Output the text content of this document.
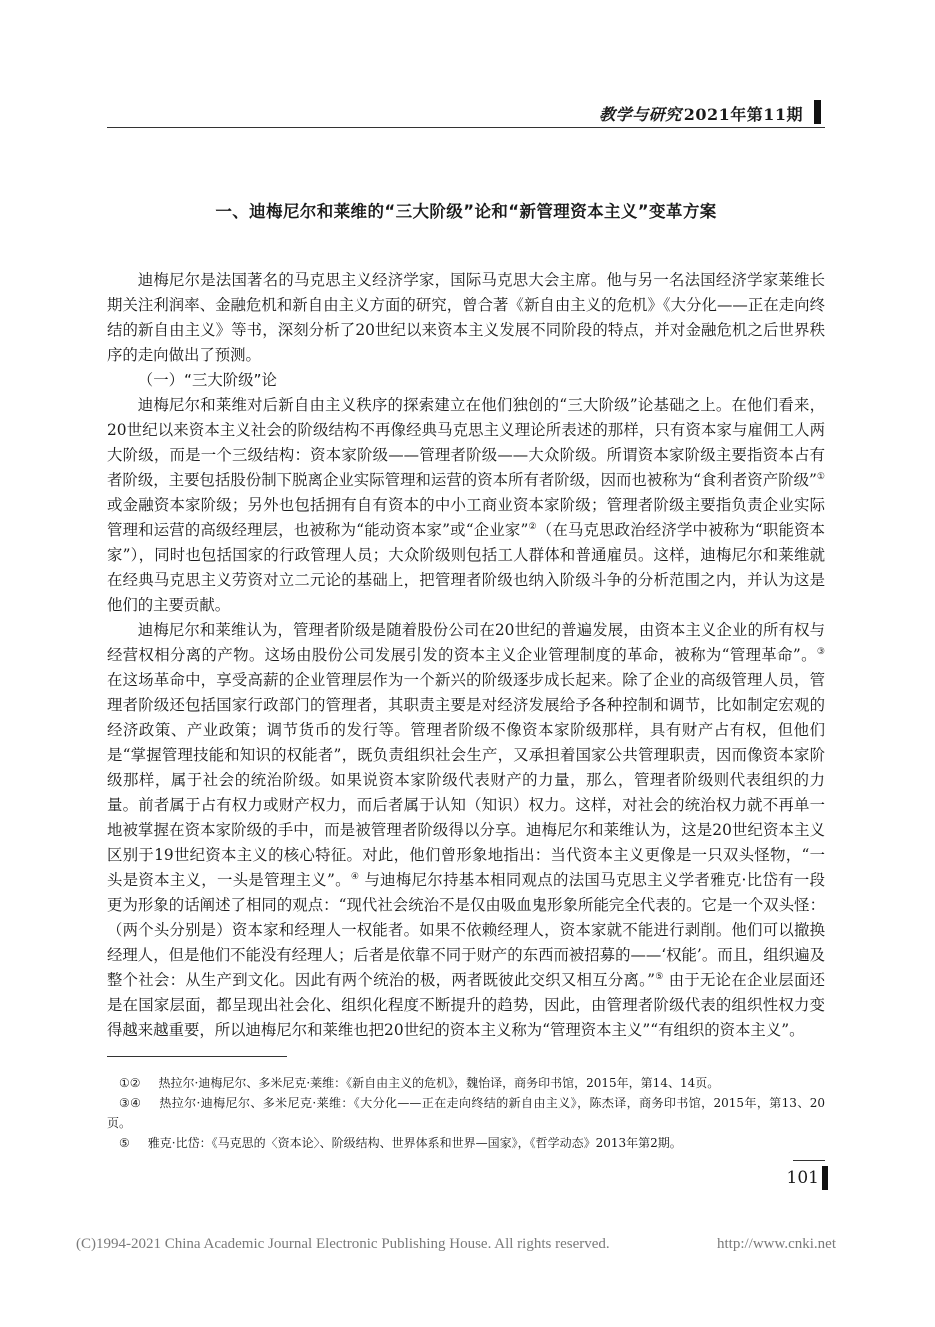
教学与研究 2021年第11期
一、迪梅尼尔和莱维的“三大阶级”论和“新管理资本主义”变革方案

迪梅尼尔是法国著名的马克思主义经济学家，国际马克思大会主席。他与另一名法国经济学家莱维长期关注利润率、金融危机和新自由主义方面的研究，曾合著《新自由主义的危机》《大分化——正在走向终结的新自由主义》等书，深刻分析了20世纪以来资本主义发展不同阶段的特点，并对金融危机之后世界秩序的走向做出了预测。

（一）“三大阶级”论

迪梅尼尔和莱维对后新自由主义秩序的探索建立在他们独创的“三大阶级”论基础之上。在他们看来，20世纪以来资本主义社会的阶级结构不再像经典马克思主义理论所表述的那样，只有资本家与雇佣工人两大阶级，而是一个三级结构：资本家阶级——管理者阶级——大众阶级。所谓资本家阶级主要指资本占有者阶级，主要包括股份制下脱离企业实际管理和运营的资本所有者阶级，因而也被称为“食利者资产阶级”① 或金融资本家阶级；另外也包括拥有自有资本的中小工商业资本家阶级；管理者阶级主要指负责企业实际管理和运营的高级经理层，也被称为“能动资本家”或“企业家”②（在马克思政治经济学中被称为“职能资本家”），同时也包括国家的行政管理人员；大众阶级则包括工人群体和普通雇员。这样，迪梅尼尔和莱维就在经典马克思主义劳资对立二元论的基础上，把管理者阶级也纳入阶级斗争的分析范围之内，并认为这是他们的主要贡献。

迪梅尼尔和莱维认为，管理者阶级是随着股份公司在20世纪的普遍发展，由资本主义企业的所有权与经营权相分离的产物。这场由股份公司发展引发的资本主义企业管理制度的革命，被称为“管理革命”。③ 在这场革命中，享受高薪的企业管理层作为一个新兴的阶级逐步成长起来。除了企业的高级管理人员，管理者阶级还包括国家行政部门的管理者，其职责主要是对经济发展给予各种控制和调节，比如制定宏观的经济政策、产业政策；调节货币的发行等。管理者阶级不像资本家阶级那样，具有财产占有权，但他们是“掌握管理技能和知识的权能者”，既负责组织社会生产，又承担着国家公共管理职责，因而像资本家阶级那样，属于社会的统治阶级。如果说资本家阶级代表财产的力量，那么，管理者阶级则代表组织的力量。前者属于占有权力或财产权力，而后者属于认知（知识）权力。这样，对社会的统治权力就不再单一地被掌握在资本家阶级的手中，而是被管理者阶级得以分享。迪梅尼尔和莱维认为，这是20世纪资本主义区别于19世纪资本主义的核心特征。对此，他们曾形象地指出：当代资本主义更像是一只双头怪物，“一头是资本主义，一头是管理主义”。④ 与迪梅尼尔持基本相同观点的法国马克思主义学者雅克·比岱有一段更为形象的话阐述了相同的观点：“现代社会统治不是仅由吸血鬼形象所能完全代表的。它是一个双头怪：（两个头分别是）资本家和经理人一权能者。如果不依赖经理人，资本家就不能进行剥削。他们可以撤换经理人，但是他们不能没有经理人；后者是依靠不同于财产的东西而被招募的——‘权能’。而且，组织遍及整个社会：从生产到文化。因此有两个统治的极，两者既彼此交织又相互分离。”⑤ 由于无论在企业层面还是在国家层面，都呈现出社会化、组织化程度不断提升的趋势，因此，由管理者阶级代表的组织性权力变得越来越重要，所以迪梅尼尔和莱维也把20世纪的资本主义称为“管理资本主义”“有组织的资本主义”。

①② 热拉尔·迪梅尼尔、多米尼克·莱维：《新自由主义的危机》，魏怡译，商务印书馆，2015年，第14、14页。

③④ 热拉尔·迪梅尼尔、多米尼克·莱维：《大分化——正在走向终结的新自由主义》，陈杰译，商务印书馆，2015年，第13、20页。

⑤ 雅克·比岱：《马克思的〈资本论〉、阶级结构、世界体系和世界—国家》，《哲学动态》2013年第2期。

101
(C)1994-2021 China Academic Journal Electronic Publishing House. All rights reserved.	http://www.cnki.net
